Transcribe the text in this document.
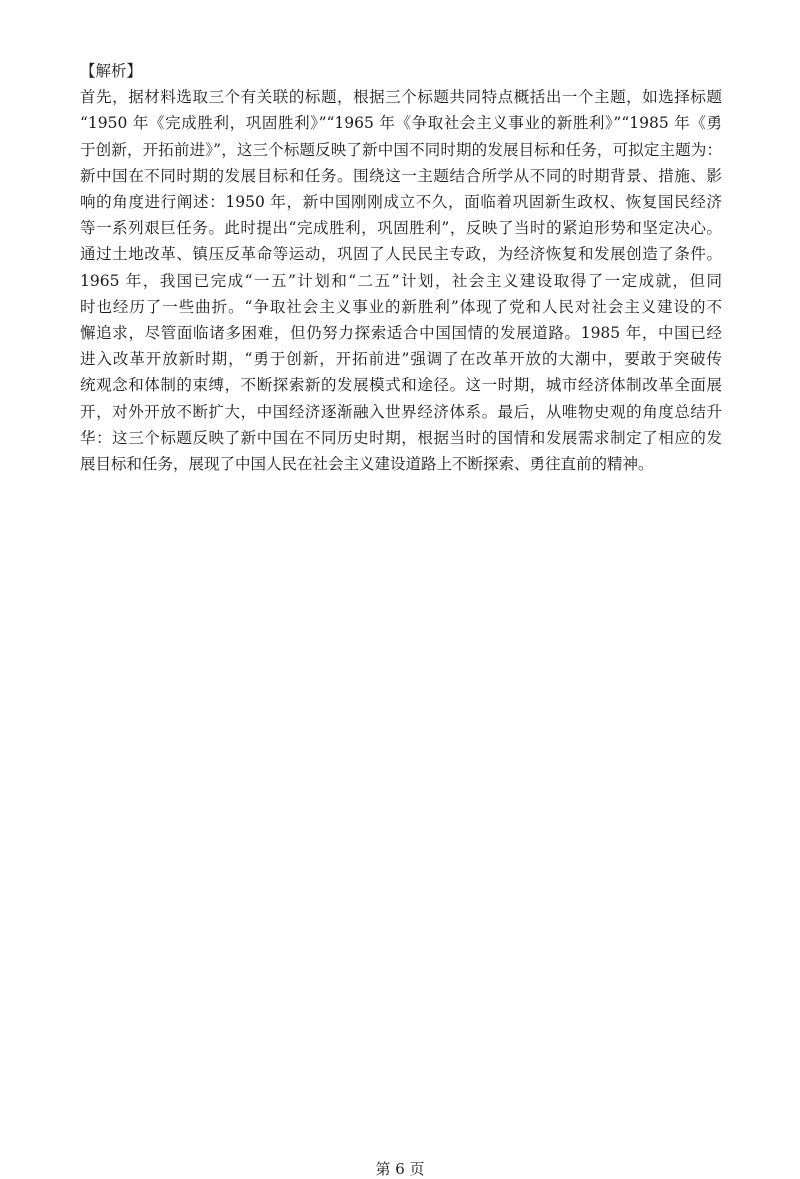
【解析】

首先，据材料选取三个有关联的标题，根据三个标题共同特点概括出一个主题，如选择标题

“1950 年《完成胜利，巩固胜利》”“1965 年《争取社会主义事业的新胜利》”“1985 年《勇

于创新，开拓前进》”，这三个标题反映了新中国不同时期的发展目标和任务，可拟定主题为：

新中国在不同时期的发展目标和任务。围绕这一主题结合所学从不同的时期背景、措施、影

响的角度进行阐述：1950 年，新中国刚刚成立不久，面临着巩固新生政权、恢复国民经济

等一系列艰巨任务。此时提出“完成胜利，巩固胜利”，反映了当时的紧迫形势和坚定决心。

通过土地改革、镇压反革命等运动，巩固了人民民主专政，为经济恢复和发展创造了条件。

1965 年，我国已完成“一五”计划和“二五”计划，社会主义建设取得了一定成就，但同

时也经历了一些曲折。“争取社会主义事业的新胜利”体现了党和人民对社会主义建设的不

懈追求，尽管面临诸多困难，但仍努力探索适合中国国情的发展道路。1985 年，中国已经

进入改革开放新时期，“勇于创新，开拓前进”强调了在改革开放的大潮中，要敢于突破传

统观念和体制的束缚，不断探索新的发展模式和途径。这一时期，城市经济体制改革全面展

开，对外开放不断扩大，中国经济逐渐融入世界经济体系。最后，从唯物史观的角度总结升

华：这三个标题反映了新中国在不同历史时期，根据当时的国情和发展需求制定了相应的发

展目标和任务，展现了中国人民在社会主义建设道路上不断探索、勇往直前的精神。

第 6 页
